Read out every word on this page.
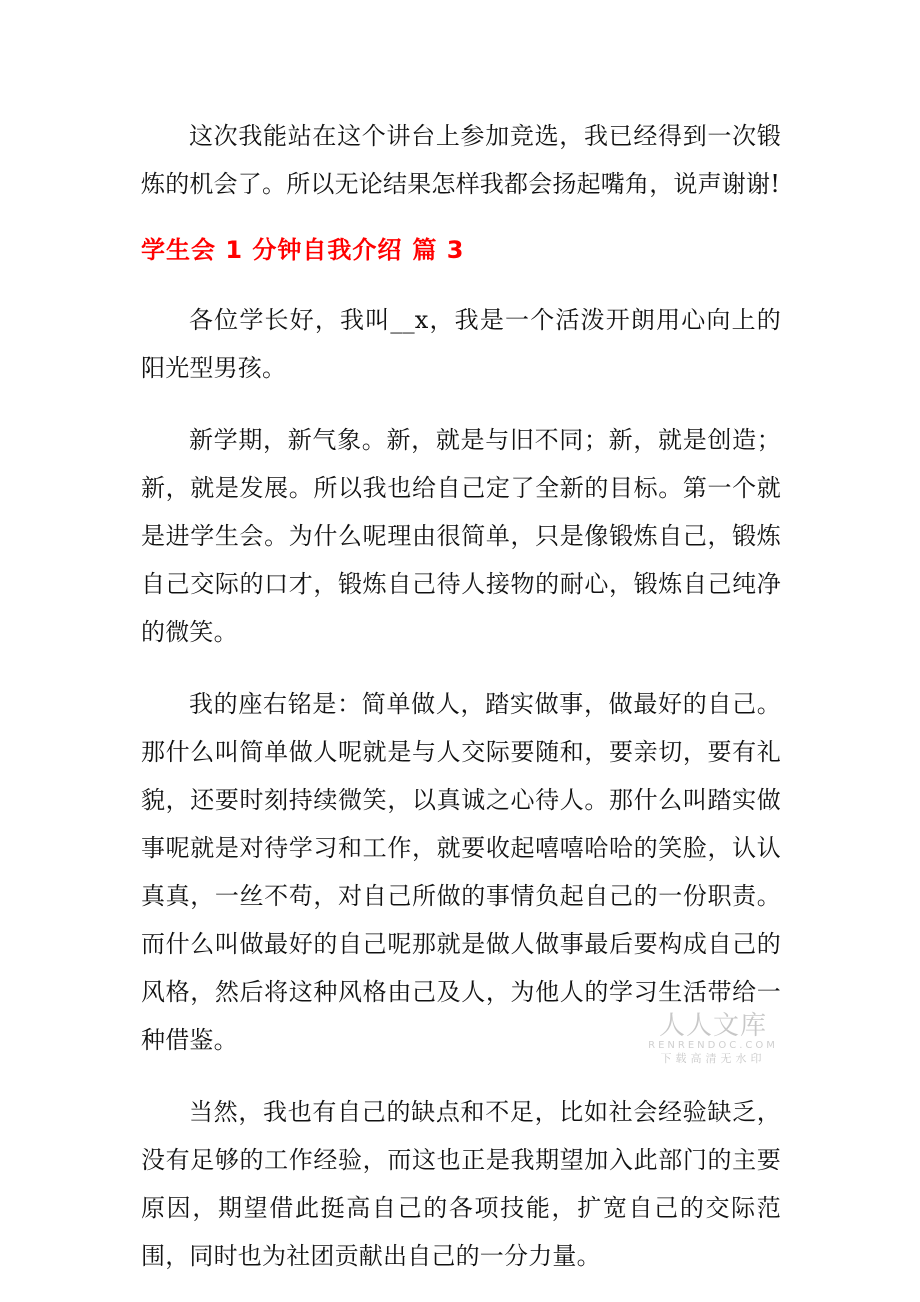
这次我能站在这个讲台上参加竞选，我已经得到一次锻炼的机会了。所以无论结果怎样我都会扬起嘴角，说声谢谢!

学生会 1 分钟自我介绍 篇 3

各位学长好，我叫__x，我是一个活泼开朗用心向上的阳光型男孩。

新学期，新气象。新，就是与旧不同；新，就是创造；新，就是发展。所以我也给自己定了全新的目标。第一个就是进学生会。为什么呢理由很简单，只是像锻炼自己，锻炼自己交际的口才，锻炼自己待人接物的耐心，锻炼自己纯净的微笑。

我的座右铭是：简单做人，踏实做事，做最好的自己。那什么叫简单做人呢就是与人交际要随和，要亲切，要有礼貌，还要时刻持续微笑，以真诚之心待人。那什么叫踏实做事呢就是对待学习和工作，就要收起嘻嘻哈哈的笑脸，认认真真，一丝不苟，对自己所做的事情负起自己的一份职责。而什么叫做最好的自己呢那就是做人做事最后要构成自己的风格，然后将这种风格由己及人，为他人的学习生活带给一种借鉴。

当然，我也有自己的缺点和不足，比如社会经验缺乏，没有足够的工作经验，而这也正是我期望加入此部门的主要原因，期望借此挺高自己的各项技能，扩宽自己的交际范围，同时也为社团贡献出自己的一分力量。

人人文库
RENRENDOC.COM
下载高清无水印
